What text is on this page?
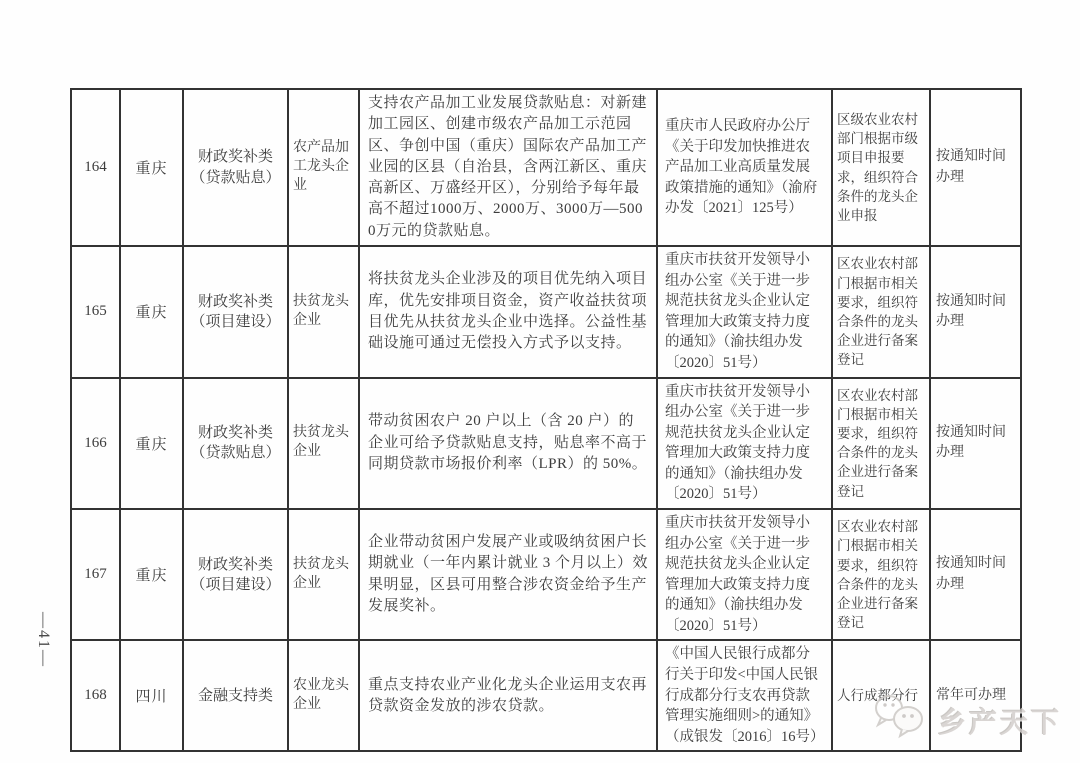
164	重庆	财政奖补类（贷款贴息）	农产品加工龙头企业	支持农产品加工业发展贷款贴息：对新建加工园区、创建市级农产品加工示范园区、争创中国（重庆）国际农产品加工产业园的区县（自治县，含两江新区、重庆高新区、万盛经开区），分别给予每年最高不超过1000万、2000万、3000万—5000万元的贷款贴息。	重庆市人民政府办公厅《关于印发加快推进农产品加工业高质量发展政策措施的通知》（渝府办发〔2021〕125号）	区级农业农村部门根据市级项目申报要求，组织符合条件的龙头企业申报	按通知时间办理
165	重庆	财政奖补类（项目建设）	扶贫龙头企业	将扶贫龙头企业涉及的项目优先纳入项目库，优先安排项目资金，资产收益扶贫项目优先从扶贫龙头企业中选择。公益性基础设施可通过无偿投入方式予以支持。	重庆市扶贫开发领导小组办公室《关于进一步规范扶贫龙头企业认定管理加大政策支持力度的通知》（渝扶组办发〔2020〕51号）	区农业农村部门根据市相关要求，组织符合条件的龙头企业进行备案登记	按通知时间办理
166	重庆	财政奖补类（贷款贴息）	扶贫龙头企业	带动贫困农户 20 户以上（含 20 户）的企业可给予贷款贴息支持，贴息率不高于同期贷款市场报价利率（LPR）的 50%。	重庆市扶贫开发领导小组办公室《关于进一步规范扶贫龙头企业认定管理加大政策支持力度的通知》（渝扶组办发〔2020〕51号）	区农业农村部门根据市相关要求，组织符合条件的龙头企业进行备案登记	按通知时间办理
167	重庆	财政奖补类（项目建设）	扶贫龙头企业	企业带动贫困户发展产业或吸纳贫困户长期就业（一年内累计就业 3 个月以上）效果明显，区县可用整合涉农资金给予生产发展奖补。	重庆市扶贫开发领导小组办公室《关于进一步规范扶贫龙头企业认定管理加大政策支持力度的通知》（渝扶组办发〔2020〕51号）	区农业农村部门根据市相关要求，组织符合条件的龙头企业进行备案登记	按通知时间办理
168	四川	金融支持类	农业龙头企业	重点支持农业产业化龙头企业运用支农再贷款资金发放的涉农贷款。	《中国人民银行成都分行关于印发<中国人民银行成都分行支农再贷款管理实施细则>的通知》（成银发〔2016〕16号）	人行成都分行	常年可办理
—41—
乡产天下
